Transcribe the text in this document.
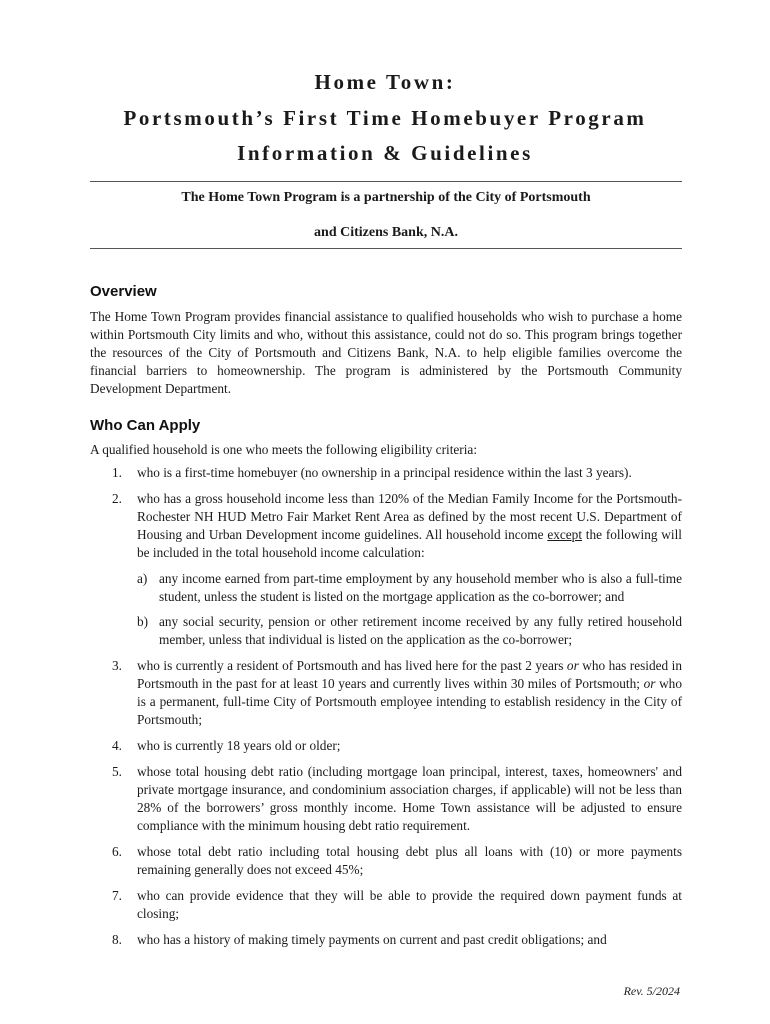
Home Town:
Portsmouth’s First Time Homebuyer Program
Information & Guidelines

The Home Town Program is a partnership of the City of Portsmouth

and Citizens Bank, N.A.

Overview

The Home Town Program provides financial assistance to qualified households who wish to purchase a home within Portsmouth City limits and who, without this assistance, could not do so. This program brings together the resources of the City of Portsmouth and Citizens Bank, N.A. to help eligible families overcome the financial barriers to homeownership. The program is administered by the Portsmouth Community Development Department.

Who Can Apply

A qualified household is one who meets the following eligibility criteria:

1. who is a first-time homebuyer (no ownership in a principal residence within the last 3 years).
2. who has a gross household income less than 120% of the Median Family Income for the Portsmouth-Rochester NH HUD Metro Fair Market Rent Area as defined by the most recent U.S. Department of Housing and Urban Development income guidelines. All household income except the following will be included in the total household income calculation:
a) any income earned from part-time employment by any household member who is also a full-time student, unless the student is listed on the mortgage application as the co-borrower; and
b) any social security, pension or other retirement income received by any fully retired household member, unless that individual is listed on the application as the co-borrower;
3. who is currently a resident of Portsmouth and has lived here for the past 2 years or who has resided in Portsmouth in the past for at least 10 years and currently lives within 30 miles of Portsmouth; or who is a permanent, full-time City of Portsmouth employee intending to establish residency in the City of Portsmouth;
4. who is currently 18 years old or older;
5. whose total housing debt ratio (including mortgage loan principal, interest, taxes, homeowners' and private mortgage insurance, and condominium association charges, if applicable) will not be less than 28% of the borrowers’ gross monthly income. Home Town assistance will be adjusted to ensure compliance with the minimum housing debt ratio requirement.
6. whose total debt ratio including total housing debt plus all loans with (10) or more payments remaining generally does not exceed 45%;
7. who can provide evidence that they will be able to provide the required down payment funds at closing;
8. who has a history of making timely payments on current and past credit obligations; and

Rev. 5/2024
